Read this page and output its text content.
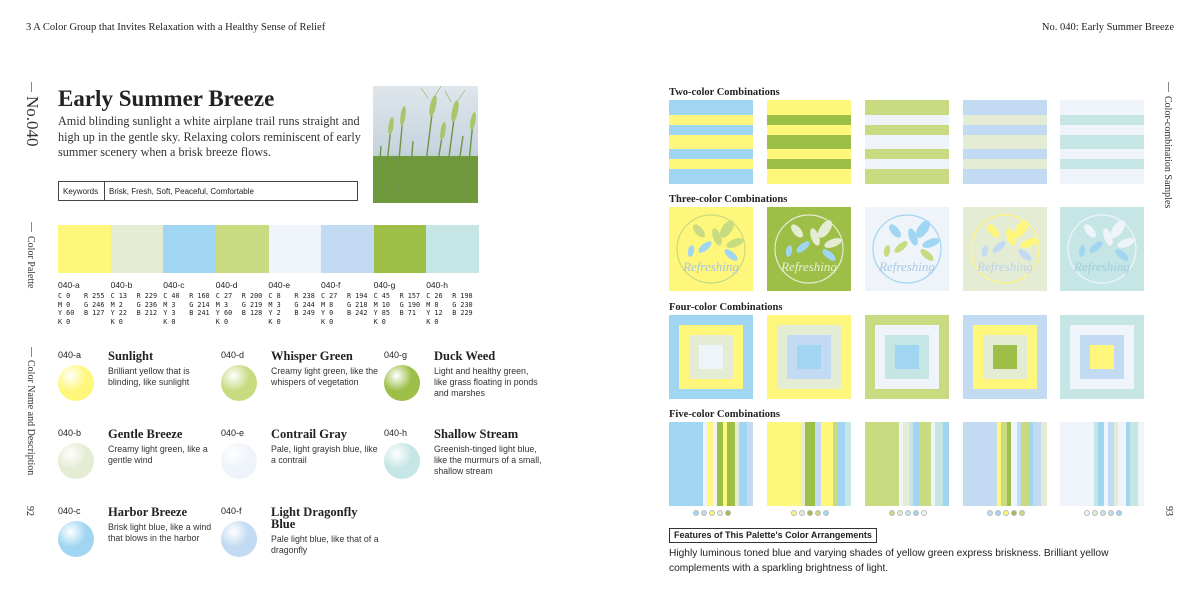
3 A Color Group that Invites Relaxation with a Healthy Sense of Relief	No. 040: Early Summer Breeze
No.040
Color Palette
Color Name and Description
92
Early Summer Breeze
Amid blinding sunlight a white airplane trail runs straight and high up in the gentle sky. Relaxing colors reminiscent of early summer scenery when a brisk breeze flows.
Keywords	Brisk, Fresh, Soft, Peaceful, Comfortable
040-a
C 0	R 255
M 0	G 246
Y 60	B 127
K 0
040-b
C 13	R 229
M 2	G 236
Y 22	B 212
K 0
040-c
C 40	R 160
M 3	G 214
Y 3	B 241
K 0
040-d
C 27	R 200
M 3	G 219
Y 60	B 128
K 0
040-e
C 8	R 238
M 3	G 244
Y 2	B 249
K 0
040-f
C 27	R 194
M 8	G 218
Y 0	B 242
K 0
040-g
C 45	R 157
M 10	G 190
Y 85	B 71
K 0
040-h
C 26	R 198
M 0	G 230
Y 12	B 229
K 0
040-a Sunlight
Brilliant yellow that is blinding, like sunlight
040-b Gentle Breeze
Creamy light green, like a gentle wind
040-c Harbor Breeze
Brisk light blue, like a wind that blows in the harbor
040-d Whisper Green
Creamy light green, like the whispers of vegetation
040-e Contrail Gray
Pale, light grayish blue, like a contrail
040-f Light Dragonfly Blue
Pale light blue, like that of a dragonfly
040-g Duck Weed
Light and healthy green, like grass floating in ponds and marshes
040-h Shallow Stream
Greenish-tinged light blue, like the murmurs of a small, shallow stream
Color-combination Samples
93
Two-color Combinations
Three-color Combinations
Refreshing	Refreshing	Refreshing	Refreshing	Refreshing
Four-color Combinations
Five-color Combinations
Features of This Palette's Color Arrangements
Highly luminous toned blue and varying shades of yellow green express briskness. Brilliant yellow complements with a sparkling brightness of light.
